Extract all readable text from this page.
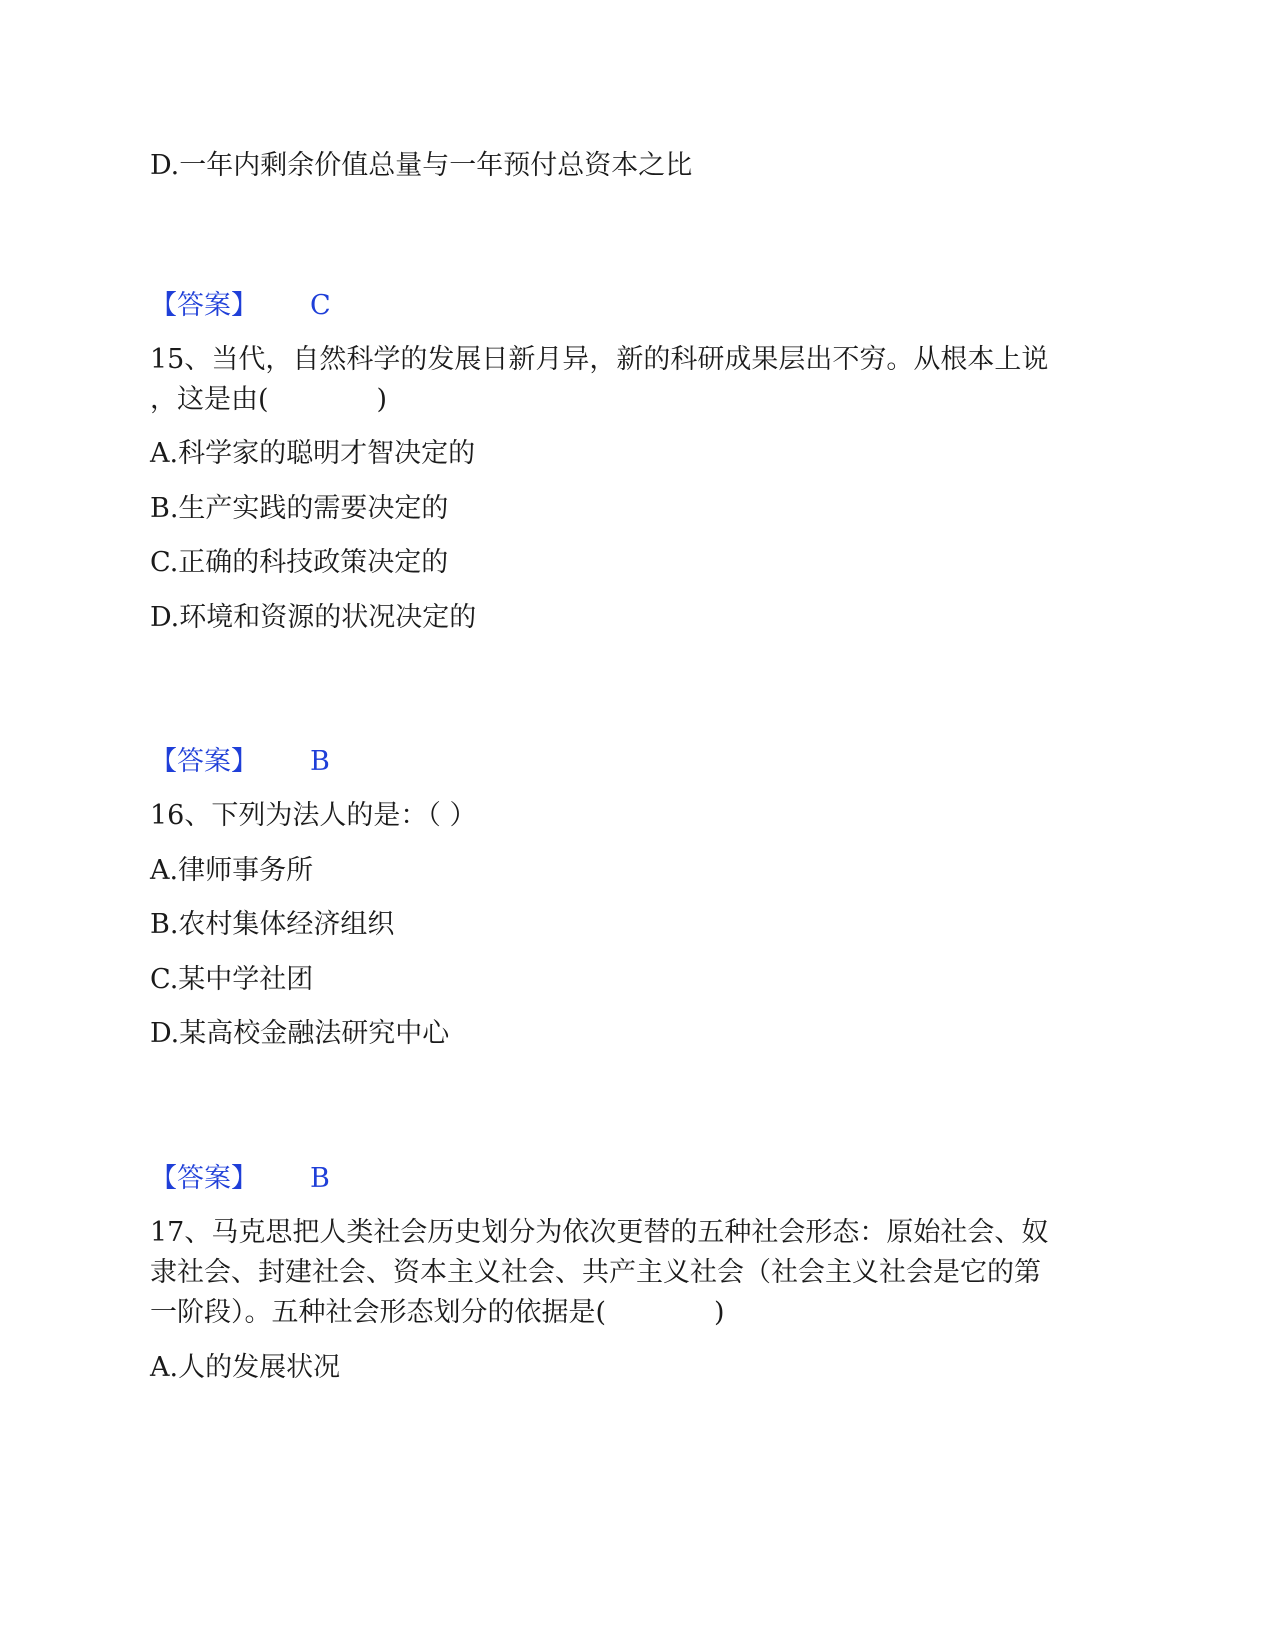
D.一年内剩余价值总量与一年预付总资本之比
【答案】 C
15、当代，自然科学的发展日新月异，新的科研成果层出不穷。从根本上说
，这是由(　　　　)
A.科学家的聪明才智决定的
B.生产实践的需要决定的
C.正确的科技政策决定的
D.环境和资源的状况决定的
【答案】 B
16、下列为法人的是：（ ）
A.律师事务所
B.农村集体经济组织
C.某中学社团
D.某高校金融法研究中心
【答案】 B
17、马克思把人类社会历史划分为依次更替的五种社会形态：原始社会、奴
隶社会、封建社会、资本主义社会、共产主义社会（社会主义社会是它的第
一阶段）。五种社会形态划分的依据是(　　　　)
A.人的发展状况
